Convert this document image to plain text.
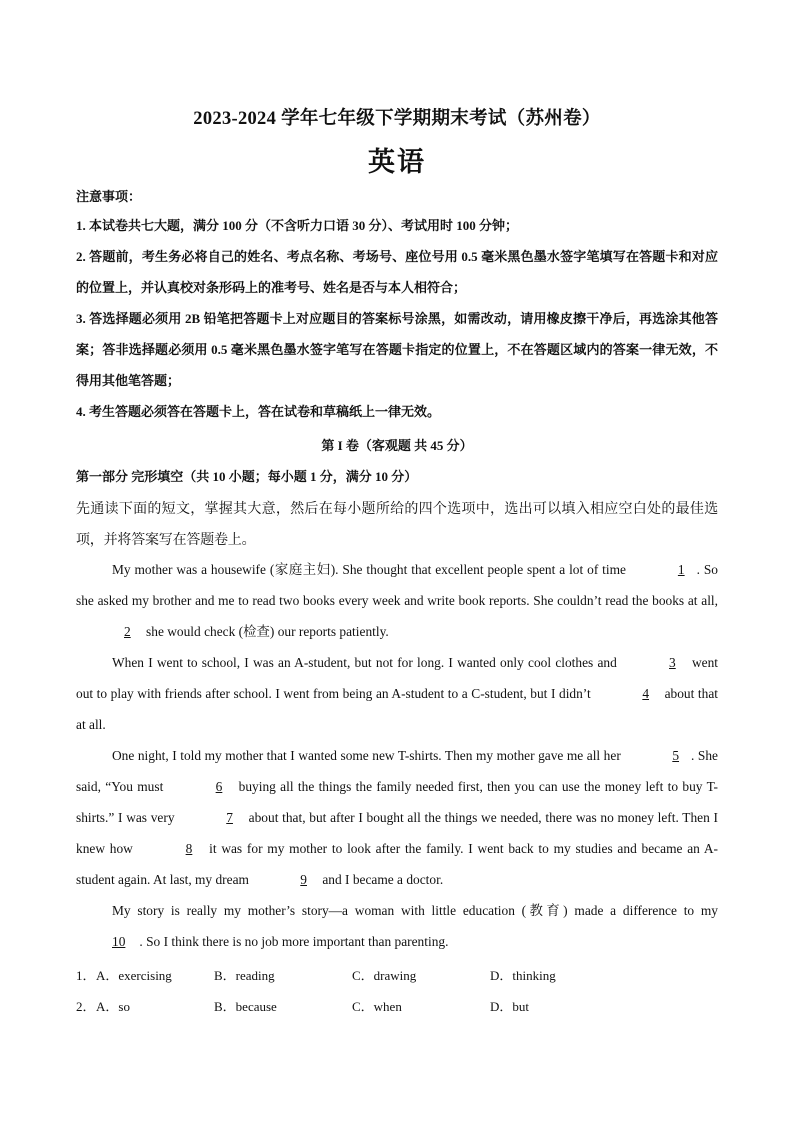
2023-2024 学年七年级下学期期末考试（苏州卷）
英语
注意事项：
1. 本试卷共七大题，满分 100 分（不含听力口语 30 分）、考试用时 100 分钟；
2. 答题前，考生务必将自己的姓名、考点名称、考场号、座位号用 0.5 毫米黑色墨水签字笔填写在答题卡和对应的位置上，并认真校对条形码上的准考号、姓名是否与本人相符合；
3. 答选择题必须用 2B 铅笔把答题卡上对应题目的答案标号涂黑，如需改动，请用橡皮擦干净后，再选涂其他答案；答非选择题必须用 0.5 毫米黑色墨水签字笔写在答题卡指定的位置上，不在答题区域内的答案一律无效，不得用其他笔答题；
4. 考生答题必须答在答题卡上，答在试卷和草稿纸上一律无效。
第 I 卷（客观题 共 45 分）
第一部分 完形填空（共 10 小题；每小题 1 分，满分 10 分）
先通读下面的短文，掌握其大意，然后在每小题所给的四个选项中，选出可以填入相应空白处的最佳选项，并将答案写在答题卷上。

My mother was a housewife (家庭主妇). She thought that excellent people spent a lot of time	1 . So she asked my brother and me to read two books every week and write book reports. She couldn’t read the books at all, 2 she would check (检查) our reports patiently.

When I went to school, I was an A-student, but not for long. I wanted only cool clothes and	3 went out to play with friends after school. I went from being an A-student to a C-student, but I didn’t	4 about that at all.

One night, I told my mother that I wanted some new T-shirts. Then my mother gave me all her	5 . She said, “You must	6 buying all the things the family needed first, then you can use the money left to buy T-shirts.” I was very	7 about that, but after I bought all the things we needed, there was no money left. Then I knew how	8 it was for my mother to look after the family. I went back to my studies and became an A-student again. At last, my dream	9 and I became a doctor.

My story is really my mother’s story—a woman with little education (教育) made a difference to my 10 . So I think there is no job more important than parenting.

1． A．exercising	B．reading	C．drawing	D．thinking
2． A．so	B．because	C．when	D．but
